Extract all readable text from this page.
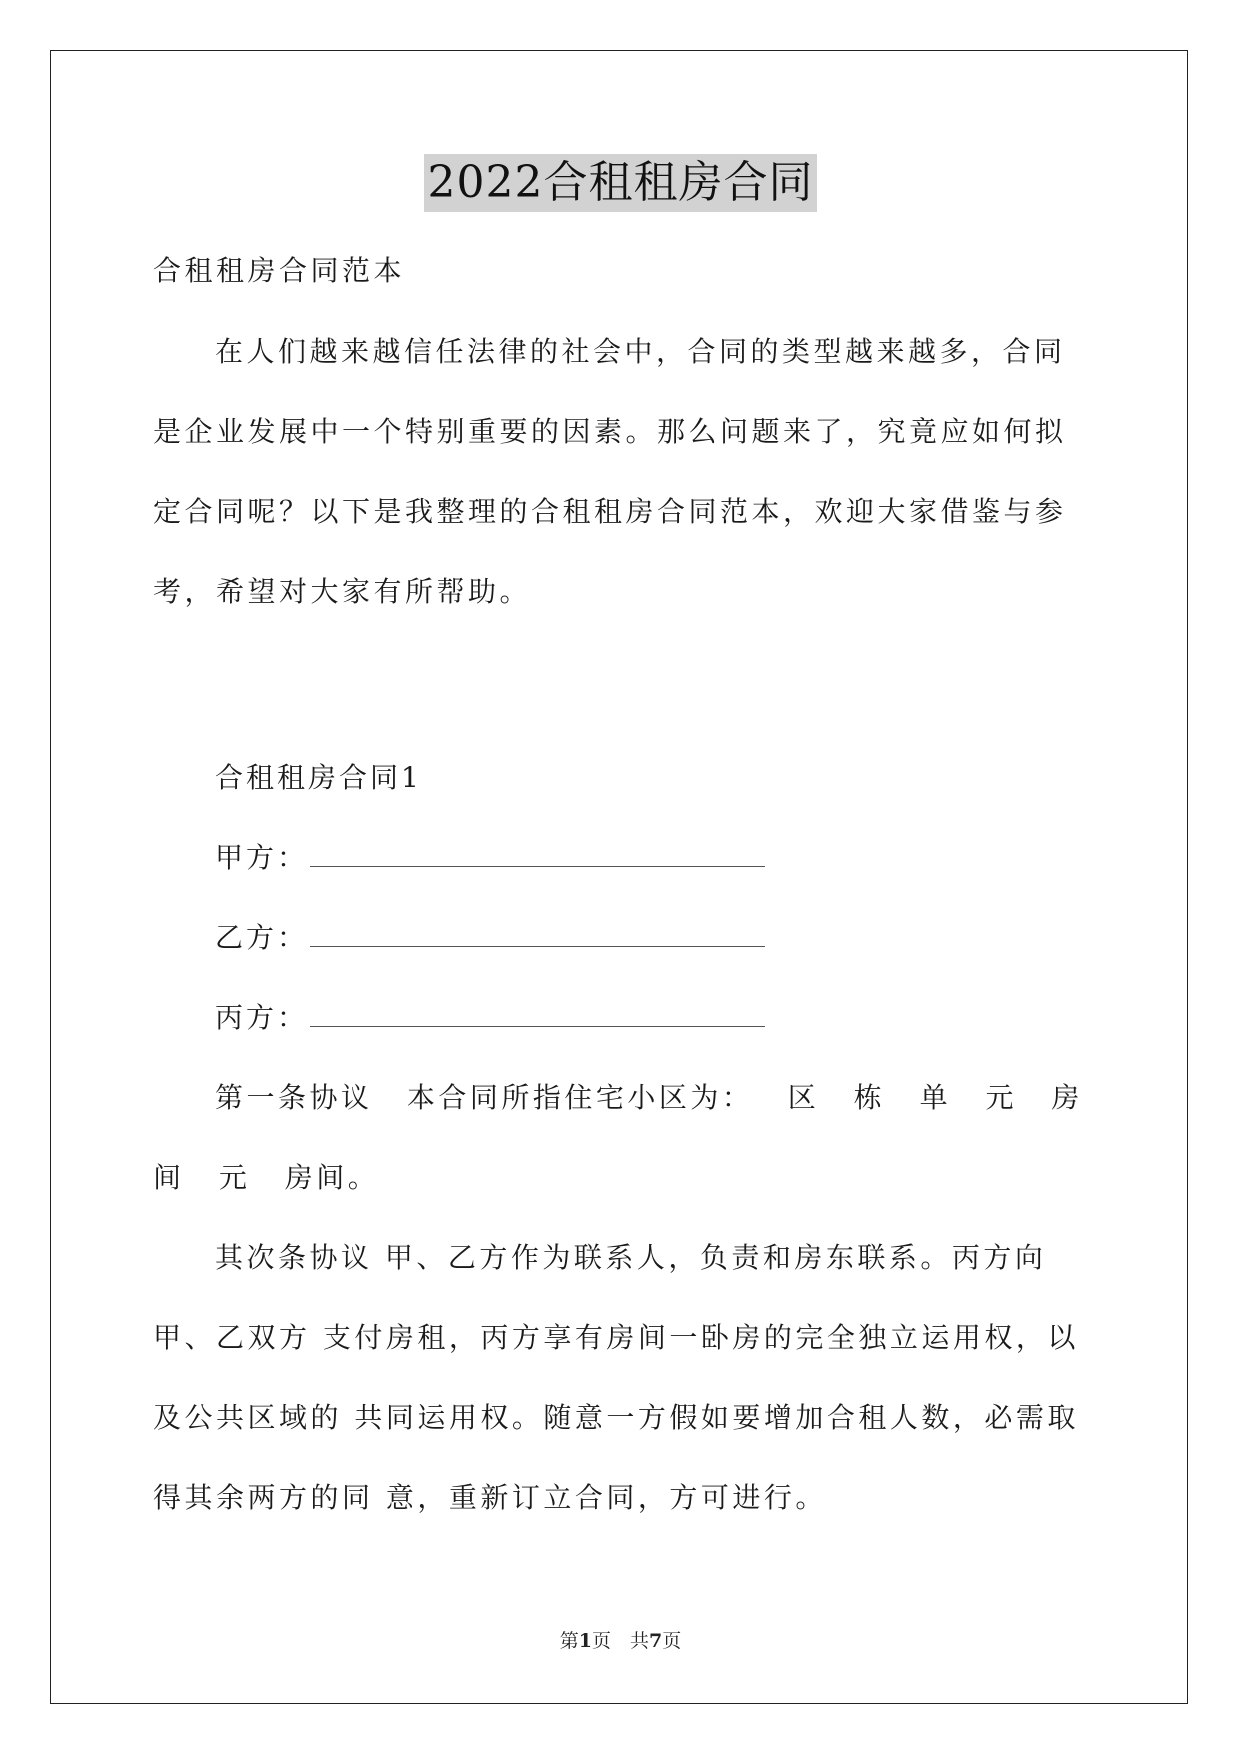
2022合租租房合同

合租租房合同范本

在人们越来越信任法律的社会中，合同的类型越来越多，合同是企业发展中一个特别重要的因素。那么问题来了，究竟应如何拟定合同呢？以下是我整理的合租租房合同范本，欢迎大家借鉴与参考，希望对大家有所帮助。

合租租房合同1
甲方：
乙方：
丙方：

第一条协议 本合同所指住宅小区为： 区 栋 单 元 房间 元 房间。

其次条协议 甲、乙方作为联系人，负责和房东联系。丙方向甲、乙双方 支付房租，丙方享有房间一卧房的完全独立运用权，以及公共区域的 共同运用权。随意一方假如要增加合租人数，必需取得其余两方的同 意，重新订立合同，方可进行。

第1页　共7页
